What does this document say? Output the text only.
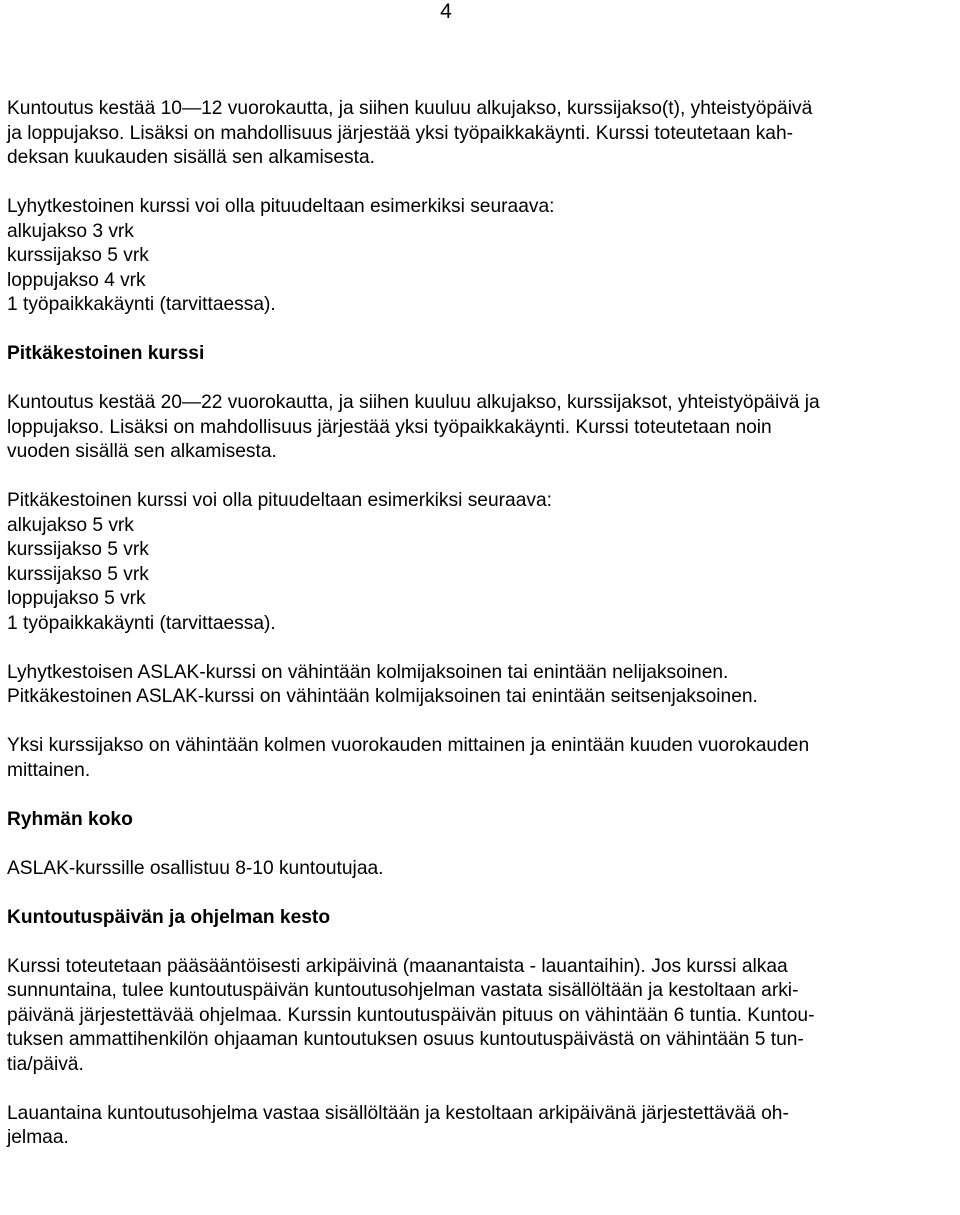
4

Kuntoutus kestää 10—12 vuorokautta, ja siihen kuuluu alkujakso, kurssijakso(t), yhteistyöpäivä
ja loppujakso. Lisäksi on mahdollisuus järjestää yksi työpaikkakäynti. Kurssi toteutetaan kah-
deksan kuukauden sisällä sen alkamisesta.

Lyhytkestoinen kurssi voi olla pituudeltaan esimerkiksi seuraava:
alkujakso 3 vrk
kurssijakso 5 vrk
loppujakso 4 vrk
1 työpaikkakäynti (tarvittaessa).

Pitkäkestoinen kurssi

Kuntoutus kestää 20—22 vuorokautta, ja siihen kuuluu alkujakso, kurssijaksot, yhteistyöpäivä ja
loppujakso. Lisäksi on mahdollisuus järjestää yksi työpaikkakäynti. Kurssi toteutetaan noin
vuoden sisällä sen alkamisesta.

Pitkäkestoinen kurssi voi olla pituudeltaan esimerkiksi seuraava:
alkujakso 5 vrk
kurssijakso 5 vrk
kurssijakso 5 vrk
loppujakso 5 vrk
1 työpaikkakäynti (tarvittaessa).

Lyhytkestoisen ASLAK-kurssi on vähintään kolmijaksoinen tai enintään nelijaksoinen.
Pitkäkestoinen ASLAK-kurssi on vähintään kolmijaksoinen tai enintään seitsenjaksoinen.

Yksi kurssijakso on vähintään kolmen vuorokauden mittainen ja enintään kuuden vuorokauden
mittainen.

Ryhmän koko

ASLAK-kurssille osallistuu 8-10 kuntoutujaa.

Kuntoutuspäivän ja ohjelman kesto

Kurssi toteutetaan pääsääntöisesti arkipäivinä (maanantaista - lauantaihin). Jos kurssi alkaa
sunnuntaina, tulee kuntoutuspäivän kuntoutusohjelman vastata sisällöltään ja kestoltaan arki-
päivänä järjestettävää ohjelmaa. Kurssin kuntoutuspäivän pituus on vähintään 6 tuntia. Kuntou-
tuksen ammattihenkilön ohjaaman kuntoutuksen osuus kuntoutuspäivästä on vähintään 5 tun-
tia/päivä.

Lauantaina kuntoutusohjelma vastaa sisällöltään ja kestoltaan arkipäivänä järjestettävää oh-
jelmaa.
